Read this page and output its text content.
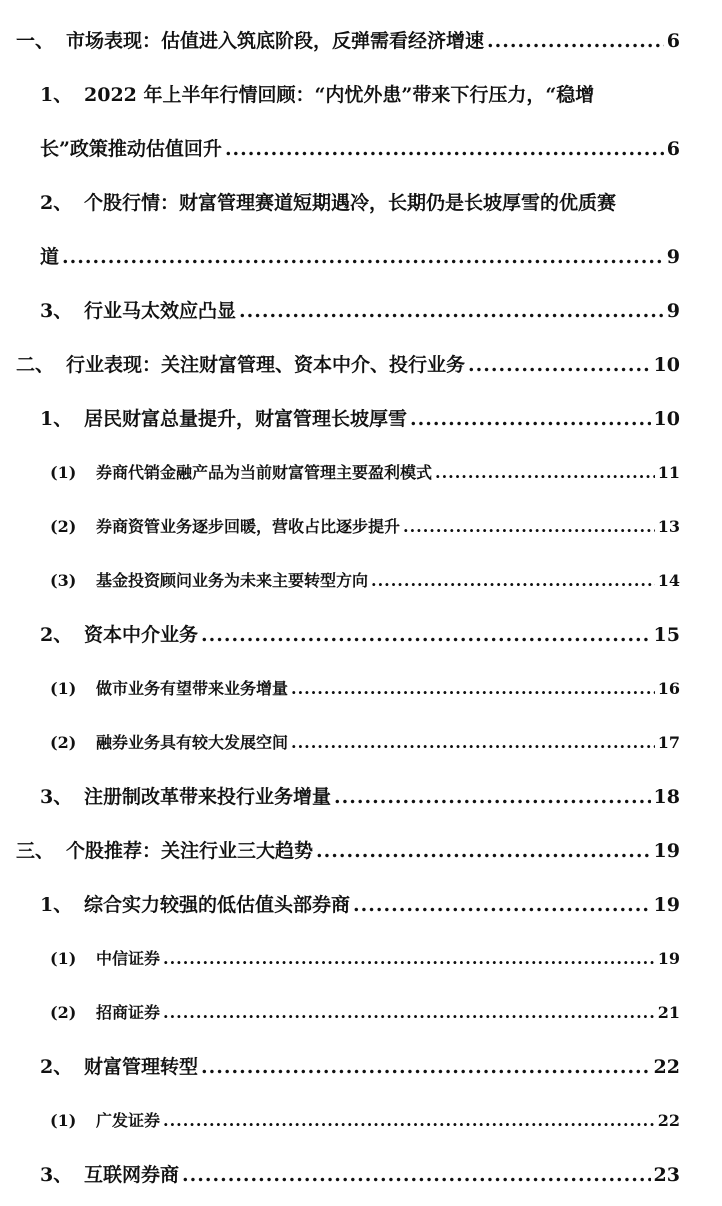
一、 市场表现：估值进入筑底阶段，反弹需看经济增速 .....	6
1、 2022 年上半年行情回顾：“内忧外患”带来下行压力，“稳增
长”政策推动估值回升 .....	6
2、 个股行情：财富管理赛道短期遇冷，长期仍是长坡厚雪的优质赛
道 .....	9
3、 行业马太效应凸显 .....	9
二、 行业表现：关注财富管理、资本中介、投行业务 .....	10
1、 居民财富总量提升，财富管理长坡厚雪 .....	10
(1)	券商代销金融产品为当前财富管理主要盈利模式 .....	11
(2)	券商资管业务逐步回暖，营收占比逐步提升 .....	13
(3)	基金投资顾问业务为未来主要转型方向 .....	14
2、 资本中介业务 .....	15
(1)	做市业务有望带来业务增量 .....	16
(2)	融券业务具有较大发展空间 .....	17
3、 注册制改革带来投行业务增量 .....	18
三、 个股推荐：关注行业三大趋势 .....	19
1、 综合实力较强的低估值头部券商 .....	19
(1)	中信证券 .....	19
(2)	招商证券 .....	21
2、 财富管理转型 .....	22
(1)	广发证券 .....	22
3、 互联网券商 .....	23
